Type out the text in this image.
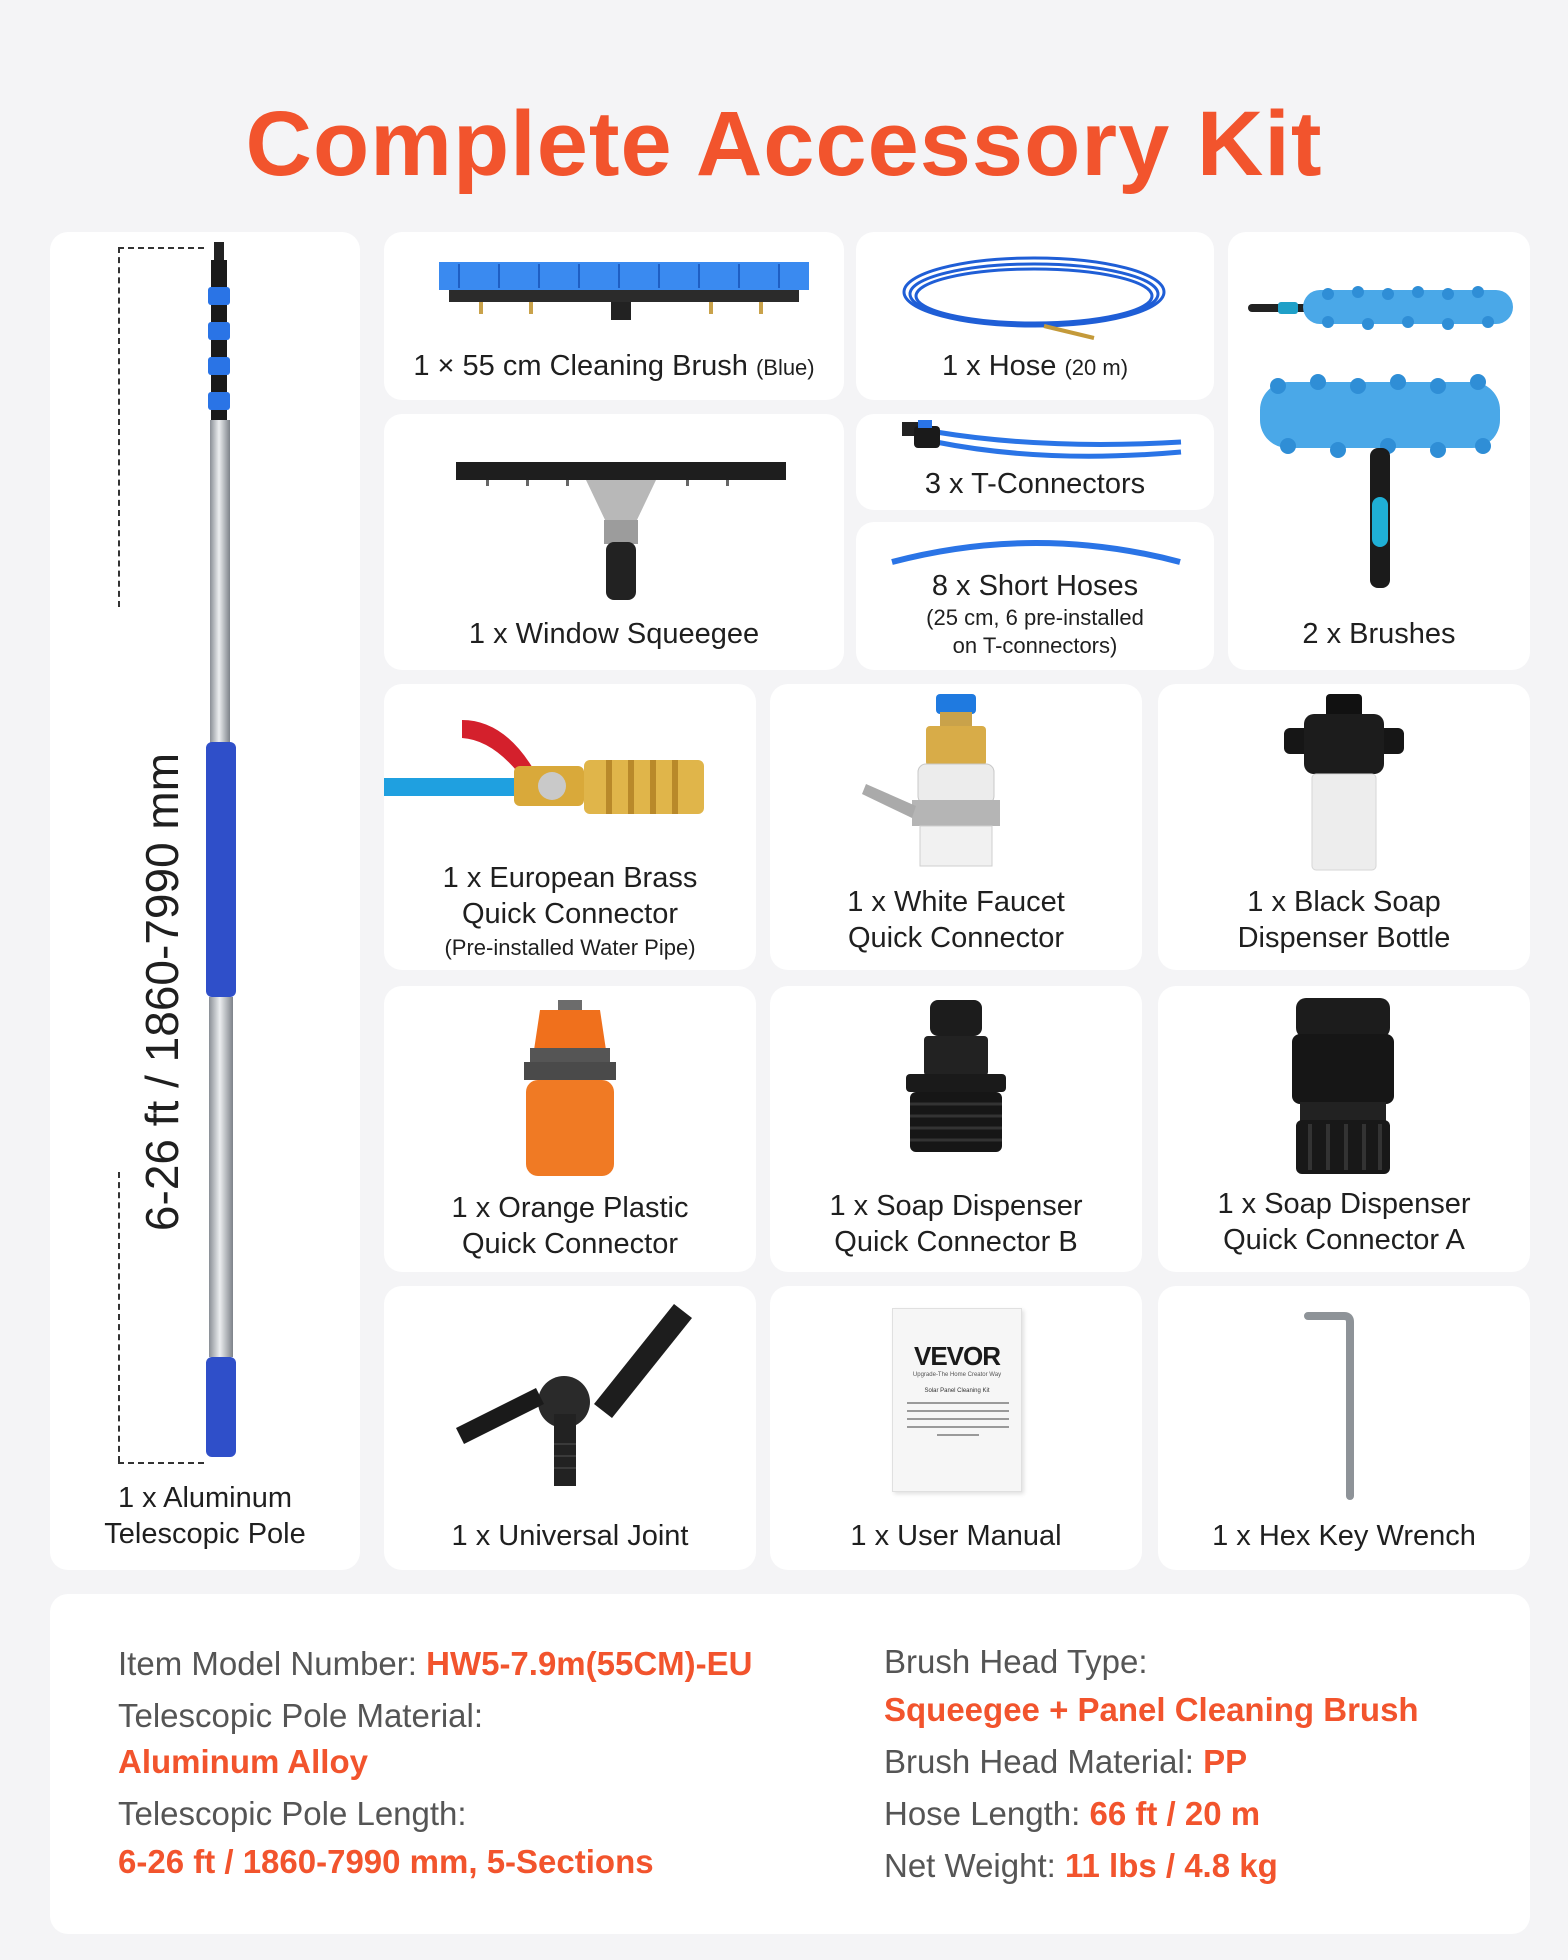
Complete Accessory Kit
6-26 ft / 1860-7990 mm
1 x Aluminum
Telescopic Pole
1 × 55 cm Cleaning Brush (Blue)	1 x Hose (20 m)
2 x Brushes
1 x Window Squeegee
3 x T-Connectors
8 x Short Hoses
(25 cm, 6 pre-installed
on T-connectors)
1 x European Brass
Quick Connector
(Pre-installed Water Pipe)
1 x White Faucet
Quick Connector
1 x Black Soap
Dispenser Bottle
1 x Orange Plastic
Quick Connector
1 x Soap Dispenser
Quick Connector B
1 x Soap Dispenser
Quick Connector A
1 x Universal Joint
VEVOR
Upgrade-The Home Creator Way
Solar Panel Cleaning Kit
1 x User Manual	1 x Hex Key Wrench
Item Model Number: HW5-7.9m(55CM)-EU
Telescopic Pole Material:
Aluminum Alloy
Telescopic Pole Length:
6-26 ft / 1860-7990 mm, 5-Sections
Brush Head Type:
Squeegee + Panel Cleaning Brush
Brush Head Material: PP
Hose Length: 66 ft / 20 m
Net Weight: 11 lbs / 4.8 kg
